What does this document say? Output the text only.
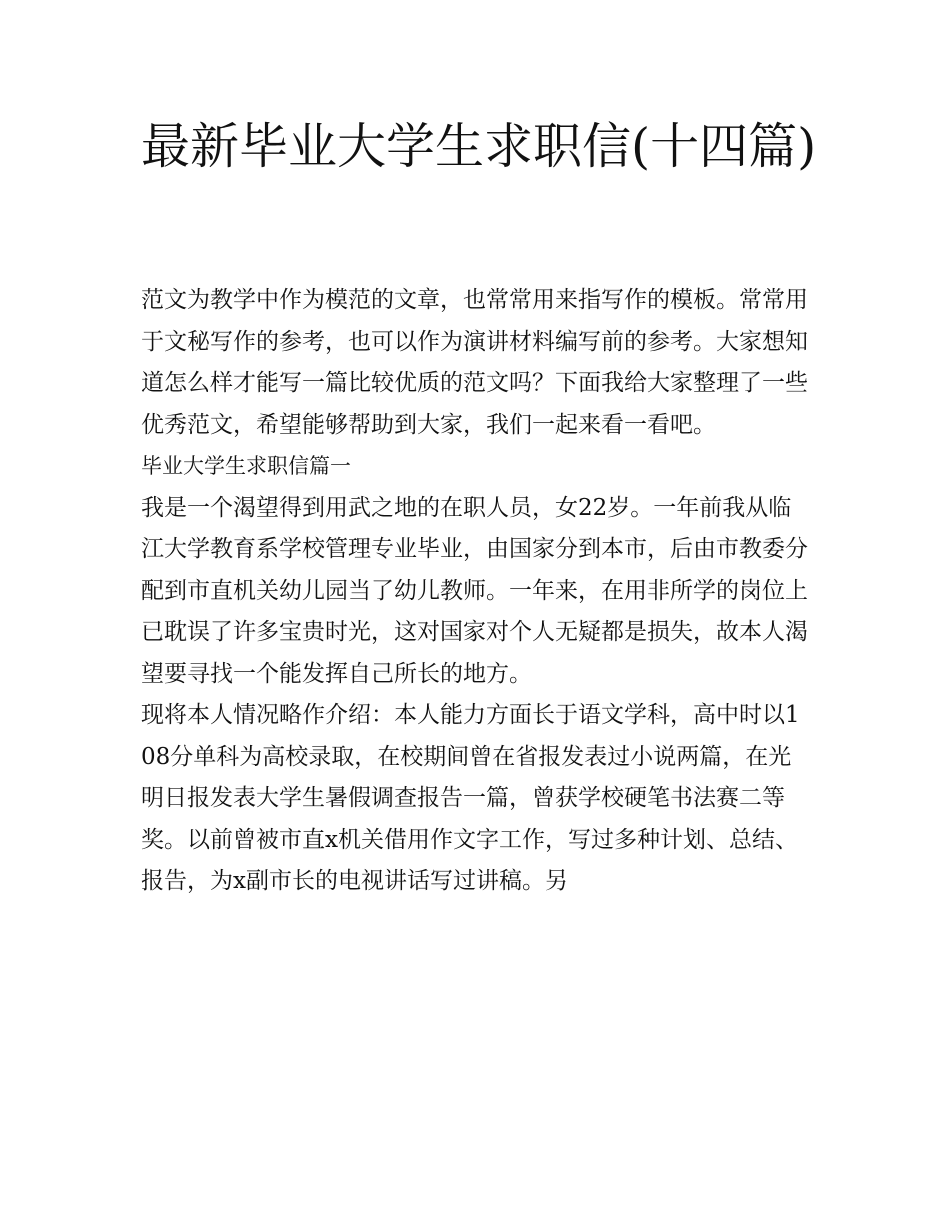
最新毕业大学生求职信(十四篇)

范文为教学中作为模范的文章，也常常用来指写作的模板。常常用于文秘写作的参考，也可以作为演讲材料编写前的参考。大家想知道怎么样才能写一篇比较优质的范文吗？下面我给大家整理了一些优秀范文，希望能够帮助到大家，我们一起来看一看吧。

毕业大学生求职信篇一

我是一个渴望得到用武之地的在职人员，女22岁。一年前我从临江大学教育系学校管理专业毕业，由国家分到本市，后由市教委分配到市直机关幼儿园当了幼儿教师。一年来，在用非所学的岗位上已耽误了许多宝贵时光，这对国家对个人无疑都是损失，故本人渴望要寻找一个能发挥自己所长的地方。

现将本人情况略作介绍：本人能力方面长于语文学科，高中时以108分单科为高校录取，在校期间曾在省报发表过小说两篇，在光明日报发表大学生暑假调查报告一篇，曾获学校硬笔书法赛二等奖。以前曾被市直x机关借用作文字工作，写过多种计划、总结、报告，为x副市长的电视讲话写过讲稿。另
